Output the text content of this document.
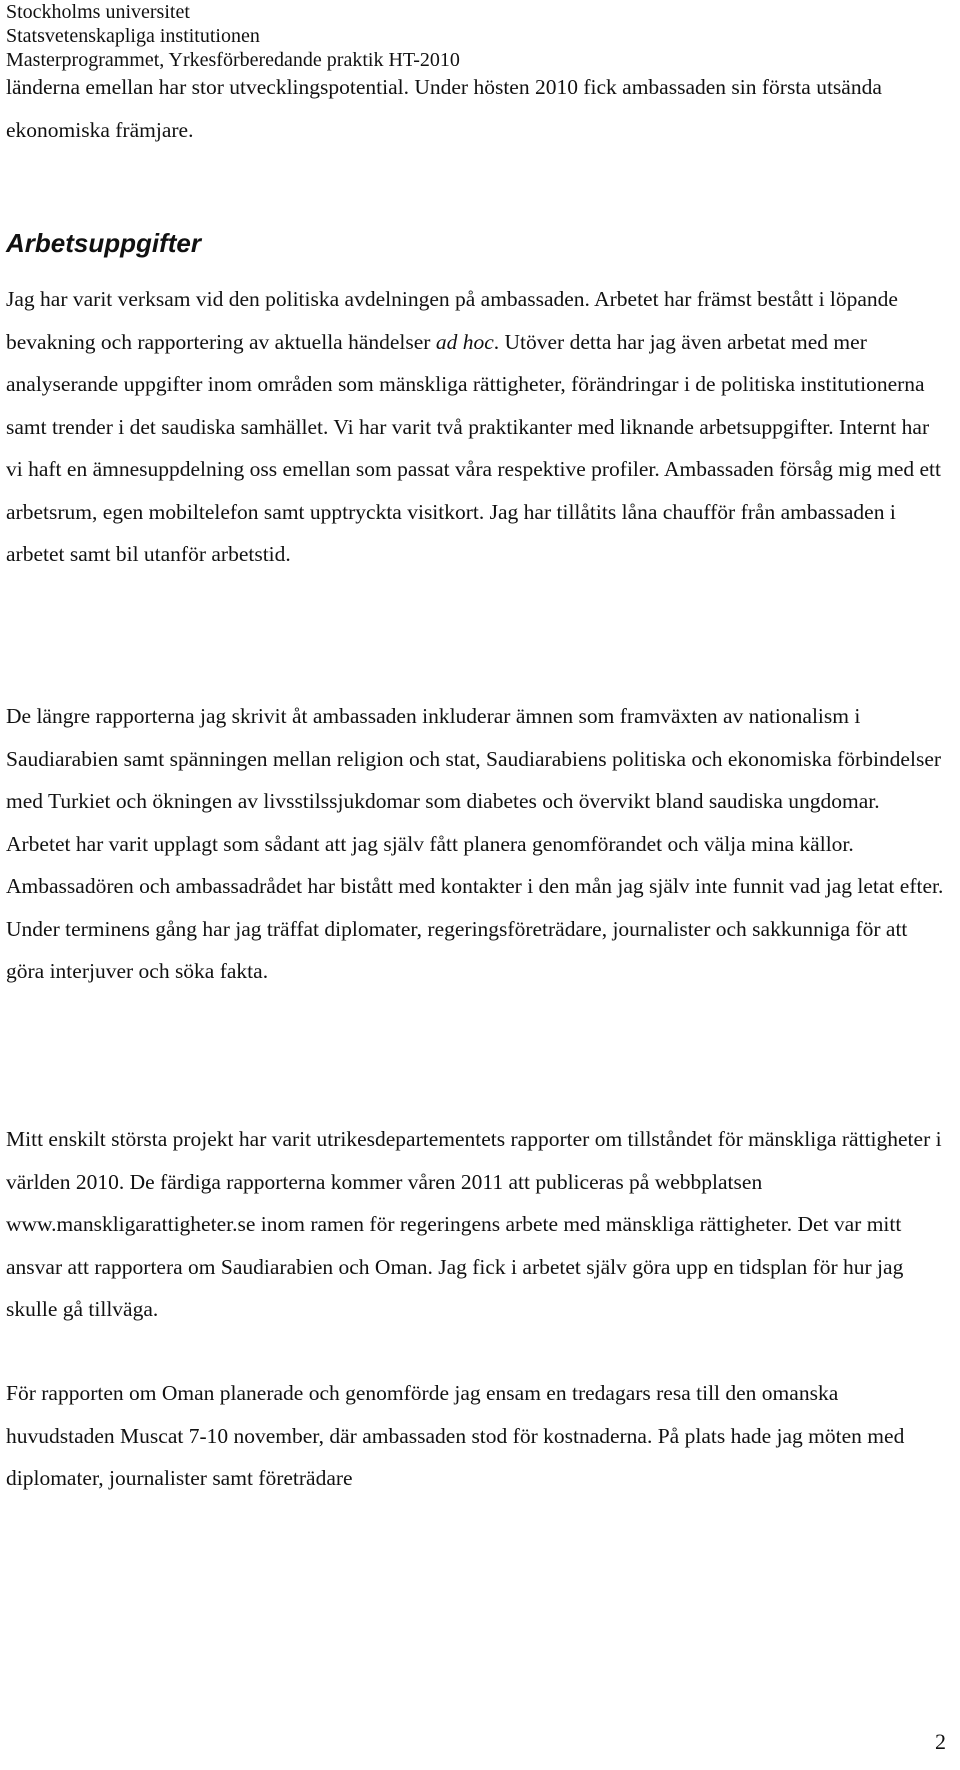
Stockholms universitet
Statsvetenskapliga institutionen
Masterprogrammet, Yrkesförberedande praktik HT-2010

länderna emellan har stor utvecklingspotential. Under hösten 2010 fick ambassaden sin första utsända ekonomiska främjare.

Arbetsuppgifter

Jag har varit verksam vid den politiska avdelningen på ambassaden. Arbetet har främst bestått i löpande bevakning och rapportering av aktuella händelser ad hoc. Utöver detta har jag även arbetat med mer analyserande uppgifter inom områden som mänskliga rättigheter, förändringar i de politiska institutionerna samt trender i det saudiska samhället. Vi har varit två praktikanter med liknande arbetsuppgifter. Internt har vi haft en ämnesuppdelning oss emellan som passat våra respektive profiler. Ambassaden försåg mig med ett arbetsrum, egen mobiltelefon samt upptryckta visitkort. Jag har tillåtits låna chaufför från ambassaden i arbetet samt bil utanför arbetstid.

De längre rapporterna jag skrivit åt ambassaden inkluderar ämnen som framväxten av nationalism i Saudiarabien samt spänningen mellan religion och stat, Saudiarabiens politiska och ekonomiska förbindelser med Turkiet och ökningen av livsstilssjukdomar som diabetes och övervikt bland saudiska ungdomar. Arbetet har varit upplagt som sådant att jag själv fått planera genomförandet och välja mina källor. Ambassadören och ambassadrådet har bistått med kontakter i den mån jag själv inte funnit vad jag letat efter. Under terminens gång har jag träffat diplomater, regeringsföreträdare, journalister och sakkunniga för att göra interjuver och söka fakta.

Mitt enskilt största projekt har varit utrikesdepartementets rapporter om tillståndet för mänskliga rättigheter i världen 2010. De färdiga rapporterna kommer våren 2011 att publiceras på webbplatsen www.manskligarattigheter.se inom ramen för regeringens arbete med mänskliga rättigheter. Det var mitt ansvar att rapportera om Saudiarabien och Oman. Jag fick i arbetet själv göra upp en tidsplan för hur jag skulle gå tillväga.

För rapporten om Oman planerade och genomförde jag ensam en tredagars resa till den omanska huvudstaden Muscat 7-10 november, där ambassaden stod för kostnaderna. På plats hade jag möten med diplomater, journalister samt företrädare

2
